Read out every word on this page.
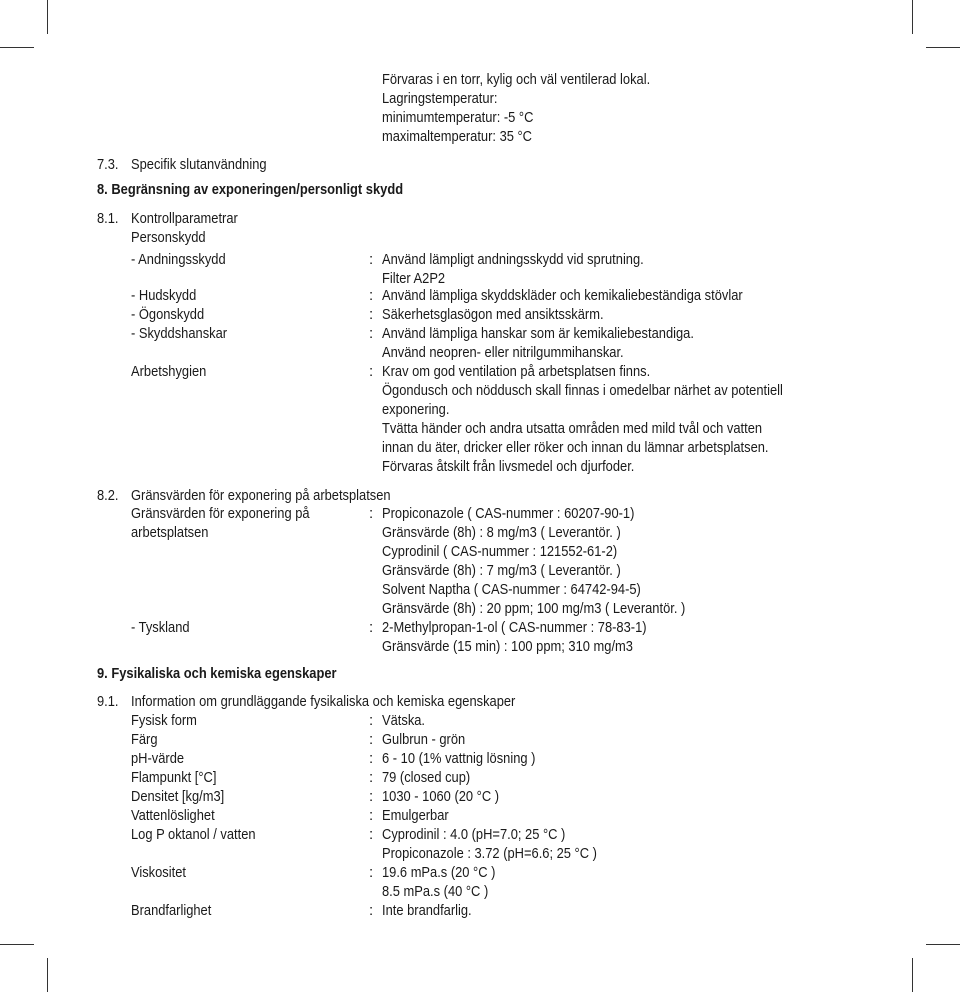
Förvaras i en torr, kylig och väl ventilerad lokal.
Lagringstemperatur:
minimumtemperatur: -5 °C
maximaltemperatur: 35 °C
7.3. Specifik slutanvändning
8. Begränsning av exponeringen/personligt skydd
8.1. Kontrollparametrar
Personskydd
- Andningsskydd	: Använd lämpligt andningsskydd vid sprutning.
Filter A2P2
- Hudskydd	: Använd lämpliga skyddskläder och kemikaliebeständiga stövlar
- Ögonskydd	: Säkerhetsglasögon med ansiktsskärm.
- Skyddshanskar	: Använd lämpliga hanskar som är kemikaliebestandiga.
Använd neopren- eller nitrilgummihanskar.
Arbetshygien	: Krav om god ventilation på arbetsplatsen finns.
Ögondusch och nöddusch skall finnas i omedelbar närhet av potentiell
exponering.
Tvätta händer och andra utsatta områden med mild tvål och vatten
innan du äter, dricker eller röker och innan du lämnar arbetsplatsen.
Förvaras åtskilt från livsmedel och djurfoder.
8.2. Gränsvärden för exponering på arbetsplatsen
Gränsvärden för exponering på
arbetsplatsen
: Propiconazole ( CAS-nummer : 60207-90-1)
Gränsvärde (8h) : 8 mg/m3 ( Leverantör. )
Cyprodinil ( CAS-nummer : 121552-61-2)
Gränsvärde (8h) : 7 mg/m3 ( Leverantör. )
Solvent Naptha ( CAS-nummer : 64742-94-5)
Gränsvärde (8h) : 20 ppm; 100 mg/m3 ( Leverantör. )
- Tyskland	: 2-Methylpropan-1-ol ( CAS-nummer : 78-83-1)
Gränsvärde (15 min) : 100 ppm; 310 mg/m3
9. Fysikaliska och kemiska egenskaper
9.1. Information om grundläggande fysikaliska och kemiska egenskaper
Fysisk form	: Vätska.
Färg	: Gulbrun - grön
pH-värde	: 6 - 10 (1% vattnig lösning )
Flampunkt [°C]	: 79 (closed cup)
Densitet [kg/m3]	: 1030 - 1060 (20 °C )
Vattenlöslighet	: Emulgerbar
Log P oktanol / vatten	: Cyprodinil : 4.0 (pH=7.0; 25 °C )
Propiconazole : 3.72 (pH=6.6; 25 °C )
Viskositet	: 19.6 mPa.s (20 °C )
8.5 mPa.s (40 °C )
Brandfarlighet	: Inte brandfarlig.
